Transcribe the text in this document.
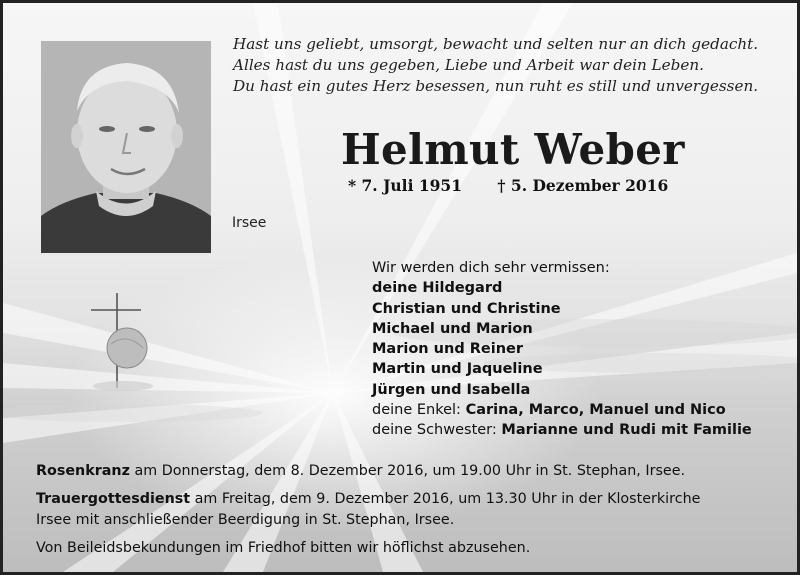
Hast uns geliebt, umsorgt, bewacht und selten nur an dich gedacht.
Alles hast du uns gegeben, Liebe und Arbeit war dein Leben.
Du hast ein gutes Herz besessen, nun ruht es still und unvergessen.
Helmut Weber
* 7. Juli 1951 † 5. Dezember 2016
Irsee
Wir werden dich sehr vermissen:
deine Hildegard
Christian und Christine
Michael und Marion
Marion und Reiner
Martin und Jaqueline
Jürgen und Isabella
deine Enkel: Carina, Marco, Manuel und Nico
deine Schwester: Marianne und Rudi mit Familie
Rosenkranz am Donnerstag, dem 8. Dezember 2016, um 19.00 Uhr in St. Stephan, Irsee.
Trauergottesdienst am Freitag, dem 9. Dezember 2016, um 13.30 Uhr in der Klosterkirche
Irsee mit anschließender Beerdigung in St. Stephan, Irsee.
Von Beileidsbekundungen im Friedhof bitten wir höflichst abzusehen.
